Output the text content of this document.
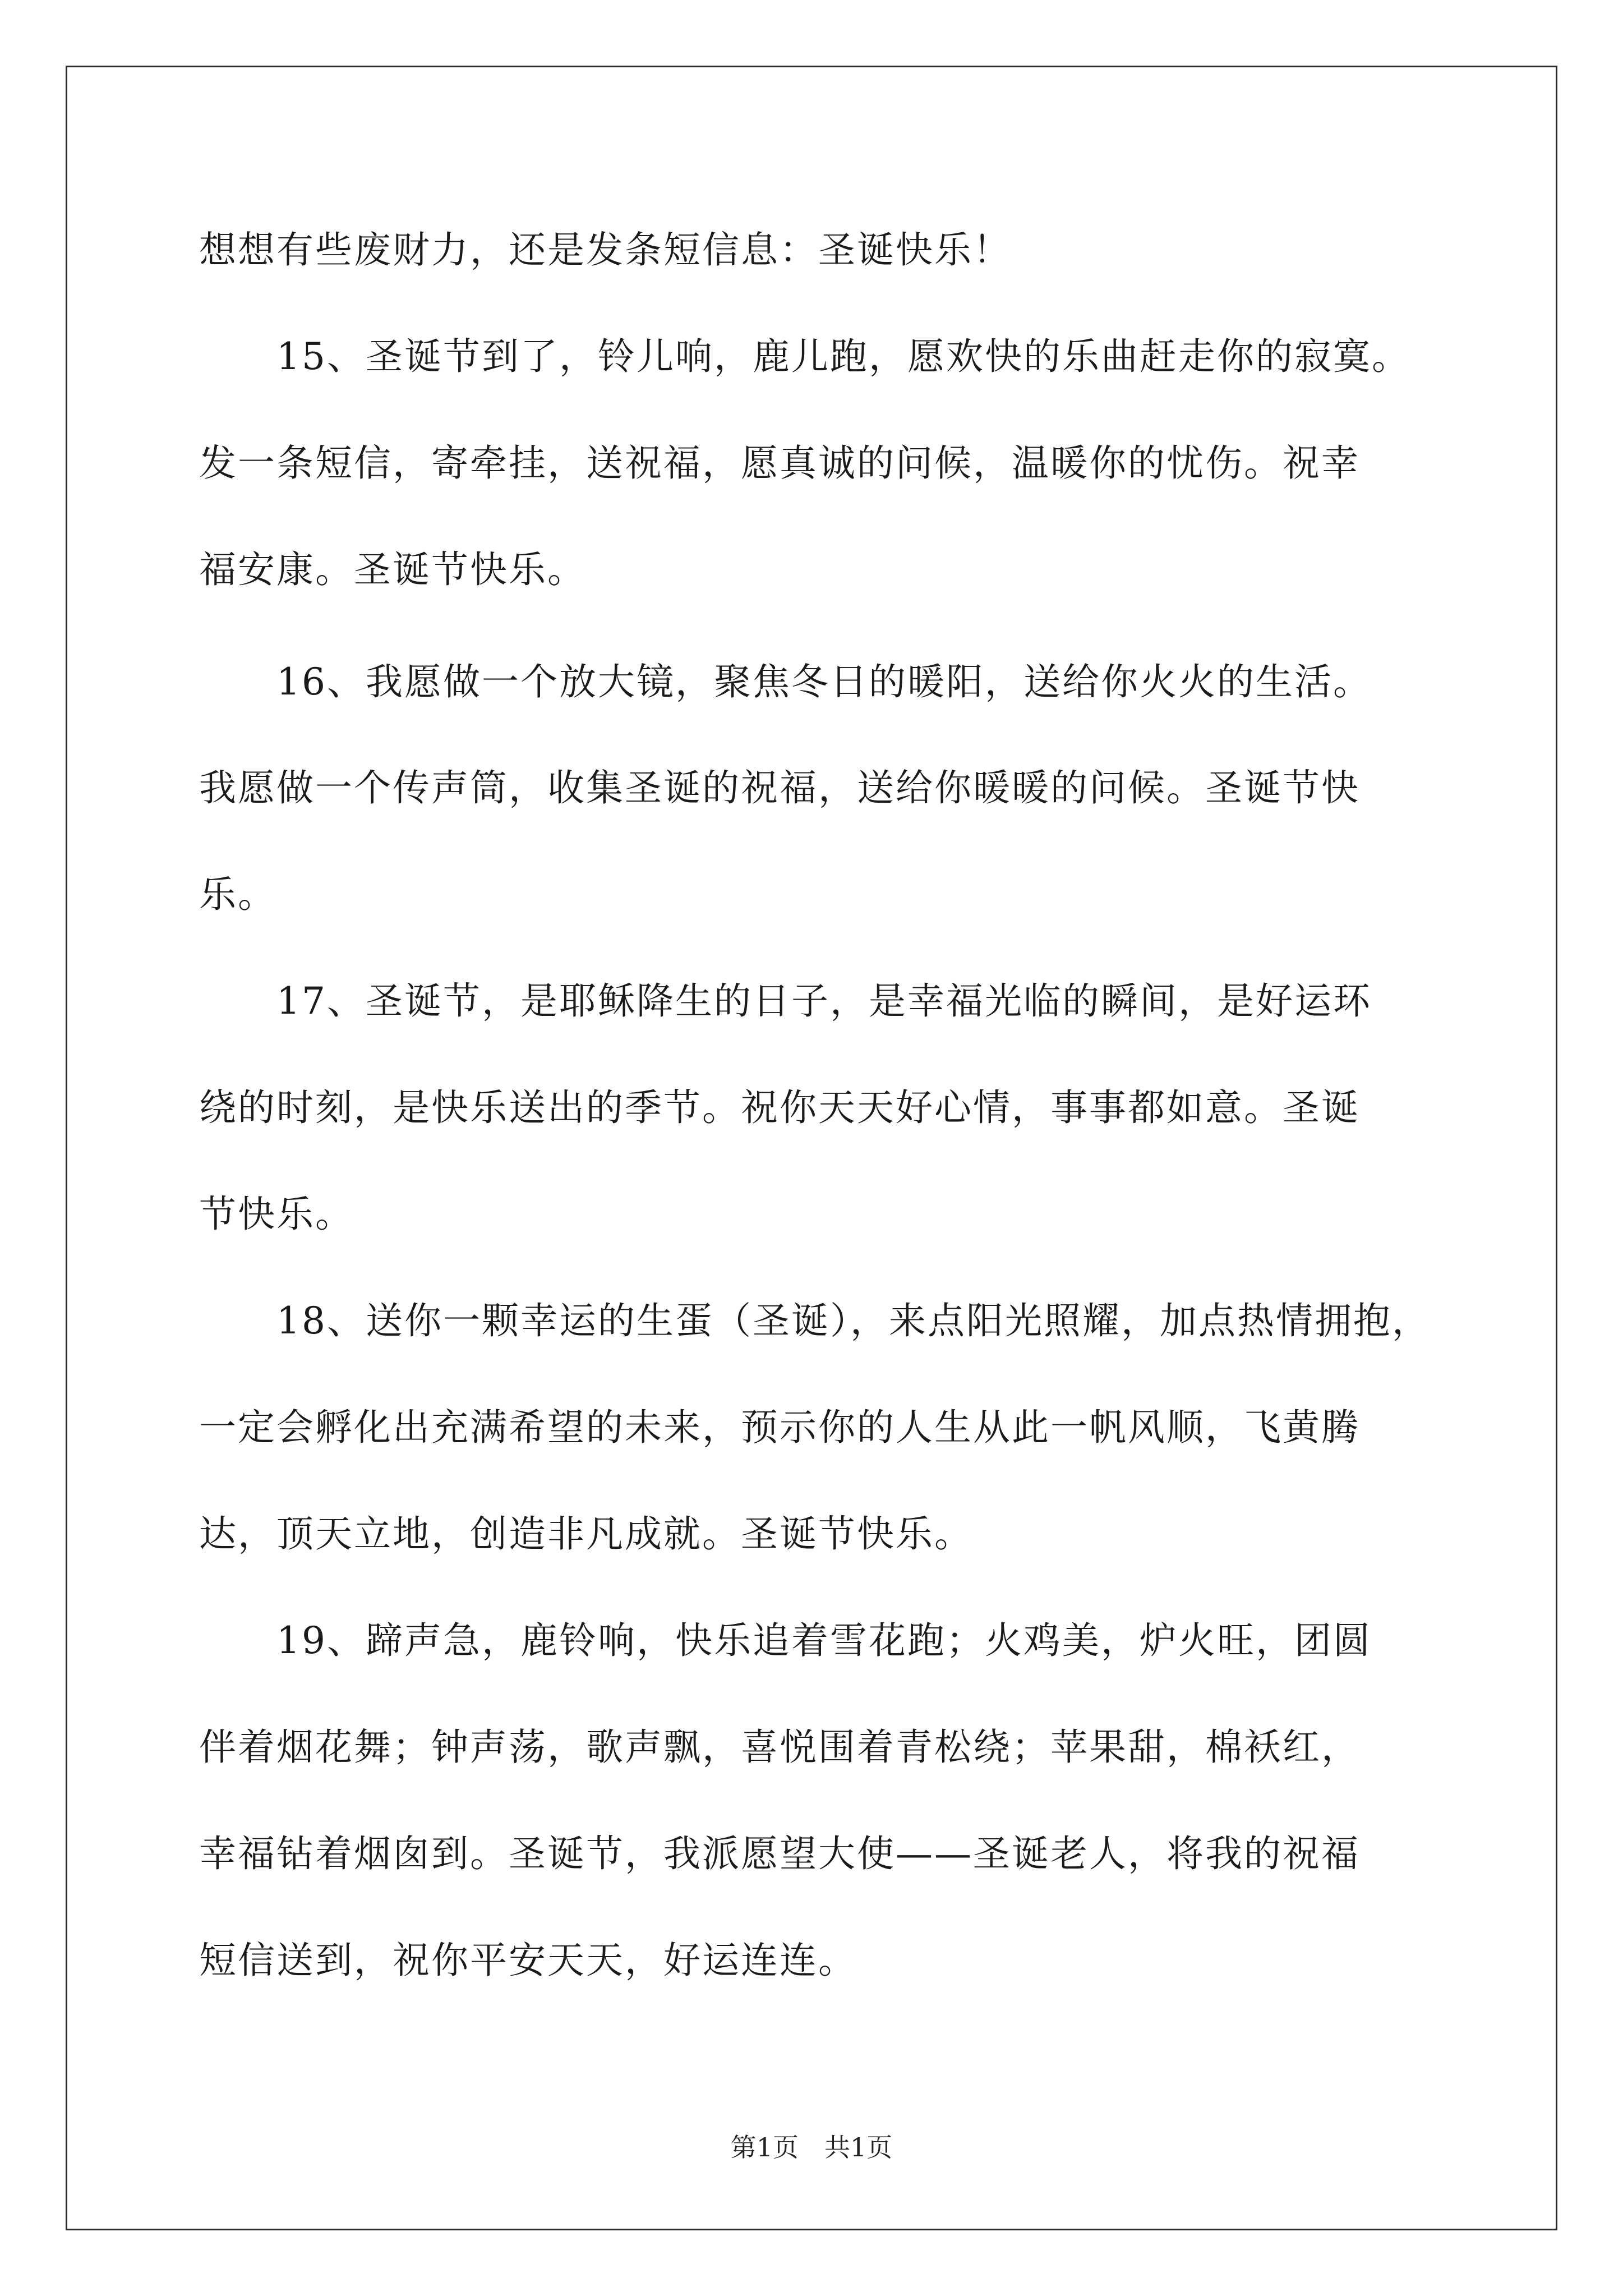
想想有些废财力，还是发条短信息：圣诞快乐！
　　15、圣诞节到了，铃儿响，鹿儿跑，愿欢快的乐曲赶走你的寂寞。
发一条短信，寄牵挂，送祝福，愿真诚的问候，温暖你的忧伤。祝幸
福安康。圣诞节快乐。
　　16、我愿做一个放大镜，聚焦冬日的暖阳，送给你火火的生活。
我愿做一个传声筒，收集圣诞的祝福，送给你暖暖的问候。圣诞节快
乐。
　　17、圣诞节，是耶稣降生的日子，是幸福光临的瞬间，是好运环
绕的时刻，是快乐送出的季节。祝你天天好心情，事事都如意。圣诞
节快乐。
　　18、送你一颗幸运的生蛋（圣诞），来点阳光照耀，加点热情拥抱，
一定会孵化出充满希望的未来，预示你的人生从此一帆风顺，飞黄腾
达，顶天立地，创造非凡成就。圣诞节快乐。
　　19、蹄声急，鹿铃响，快乐追着雪花跑；火鸡美，炉火旺，团圆
伴着烟花舞；钟声荡，歌声飘，喜悦围着青松绕；苹果甜，棉袄红，
幸福钻着烟囱到。圣诞节，我派愿望大使——圣诞老人，将我的祝福
短信送到，祝你平安天天，好运连连。
第1页　共1页
